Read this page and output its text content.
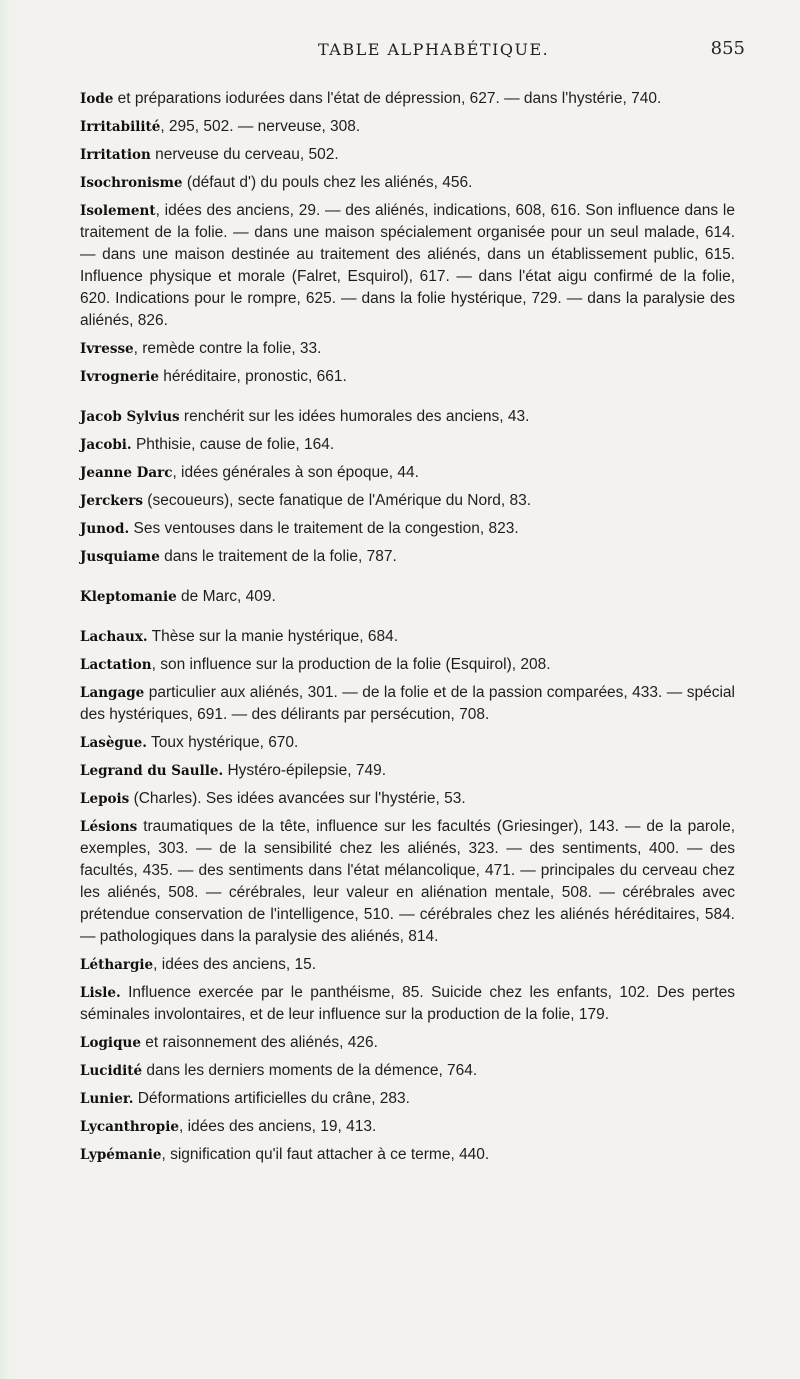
TABLE ALPHABÉTIQUE.	855

Iode et préparations iodurées dans l'état de dépression, 627. — dans l'hystérie, 740.

Irritabilité, 295, 502. — nerveuse, 308.

Irritation nerveuse du cerveau, 502.

Isochronisme (défaut d') du pouls chez les aliénés, 456.

Isolement, idées des anciens, 29. — des aliénés, indications, 608, 616. Son influence dans le traitement de la folie. — dans une maison spécialement organisée pour un seul malade, 614. — dans une maison destinée au traitement des aliénés, dans un établissement public, 615. Influence physique et morale (Falret, Esquirol), 617. — dans l'état aigu confirmé de la folie, 620. Indications pour le rompre, 625. — dans la folie hystérique, 729. — dans la paralysie des aliénés, 826.

Ivresse, remède contre la folie, 33.

Ivrognerie héréditaire, pronostic, 661.

Jacob Sylvius renchérit sur les idées humorales des anciens, 43.

Jacobi. Phthisie, cause de folie, 164.

Jeanne Darc, idées générales à son époque, 44.

Jerckers (secoueurs), secte fanatique de l'Amérique du Nord, 83.

Junod. Ses ventouses dans le traitement de la congestion, 823.

Jusquiame dans le traitement de la folie, 787.

Kleptomanie de Marc, 409.

Lachaux. Thèse sur la manie hystérique, 684.

Lactation, son influence sur la production de la folie (Esquirol), 208.

Langage particulier aux aliénés, 301. — de la folie et de la passion comparées, 433. — spécial des hystériques, 691. — des délirants par persécution, 708.

Lasègue. Toux hystérique, 670.

Legrand du Saulle. Hystéro-épilepsie, 749.

Lepois (Charles). Ses idées avancées sur l'hystérie, 53.

Lésions traumatiques de la tête, influence sur les facultés (Griesinger), 143. — de la parole, exemples, 303. — de la sensibilité chez les aliénés, 323. — des sentiments, 400. — des facultés, 435. — des sentiments dans l'état mélancolique, 471. — principales du cerveau chez les aliénés, 508. — cérébrales, leur valeur en aliénation mentale, 508. — cérébrales avec prétendue conservation de l'intelligence, 510. — cérébrales chez les aliénés héréditaires, 584. — pathologiques dans la paralysie des aliénés, 814.

Léthargie, idées des anciens, 15.

Lisle. Influence exercée par le panthéisme, 85. Suicide chez les enfants, 102. Des pertes séminales involontaires, et de leur influence sur la production de la folie, 179.

Logique et raisonnement des aliénés, 426.

Lucidité dans les derniers moments de la démence, 764.

Lunier. Déformations artificielles du crâne, 283.

Lycanthropie, idées des anciens, 19, 413.

Lypémanie, signification qu'il faut attacher à ce terme, 440.
